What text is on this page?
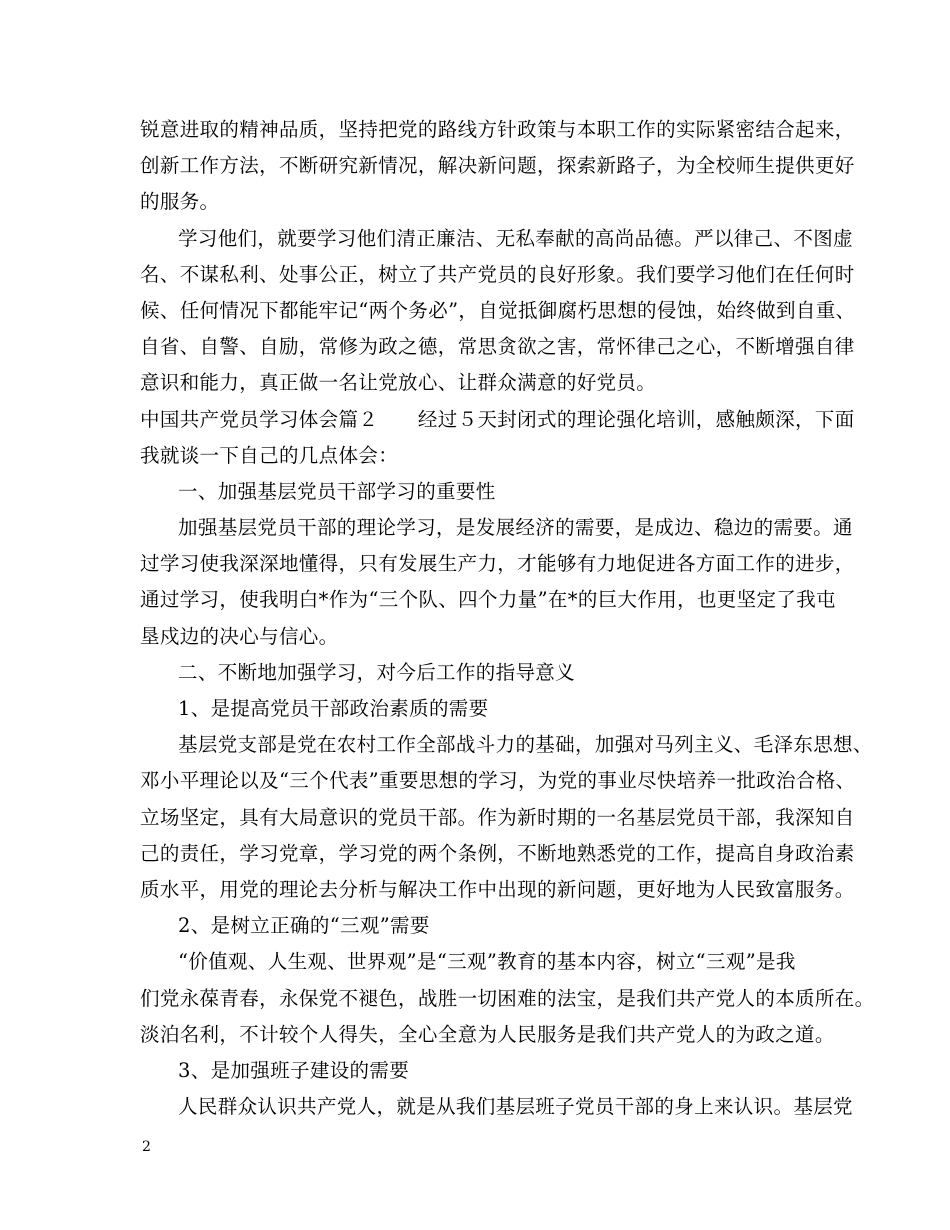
锐意进取的精神品质，坚持把党的路线方针政策与本职工作的实际紧密结合起来，
创新工作方法，不断研究新情况，解决新问题，探索新路子，为全校师生提供更好
的服务。
学习他们，就要学习他们清正廉洁、无私奉献的高尚品德。严以律己、不图虚
名、不谋私利、处事公正，树立了共产党员的良好形象。我们要学习他们在任何时
候、任何情况下都能牢记“两个务必”，自觉抵御腐朽思想的侵蚀，始终做到自重、
自省、自警、自励，常修为政之德，常思贪欲之害，常怀律己之心，不断增强自律
意识和能力，真正做一名让党放心、让群众满意的好党员。
中国共产党员学习体会篇２　　经过５天封闭式的理论强化培训，感触颇深，下面
我就谈一下自己的几点体会：
一、加强基层党员干部学习的重要性
加强基层党员干部的理论学习，是发展经济的需要，是成边、稳边的需要。通
过学习使我深深地懂得，只有发展生产力，才能够有力地促进各方面工作的进步，
通过学习，使我明白*作为“三个队、四个力量”在*的巨大作用，也更坚定了我屯
垦戍边的决心与信心。
二、不断地加强学习，对今后工作的指导意义
1、是提高党员干部政治素质的需要
基层党支部是党在农村工作全部战斗力的基础，加强对马列主义、毛泽东思想、
邓小平理论以及“三个代表”重要思想的学习，为党的事业尽快培养一批政治合格、
立场坚定，具有大局意识的党员干部。作为新时期的一名基层党员干部，我深知自
己的责任，学习党章，学习党的两个条例，不断地熟悉党的工作，提高自身政治素
质水平，用党的理论去分析与解决工作中出现的新问题，更好地为人民致富服务。
2、是树立正确的“三观”需要
“价值观、人生观、世界观”是“三观”教育的基本内容，树立“三观”是我
们党永葆青春，永保党不褪色，战胜一切困难的法宝，是我们共产党人的本质所在。
淡泊名利，不计较个人得失，全心全意为人民服务是我们共产党人的为政之道。
3、是加强班子建设的需要
人民群众认识共产党人，就是从我们基层班子党员干部的身上来认识。基层党
2
